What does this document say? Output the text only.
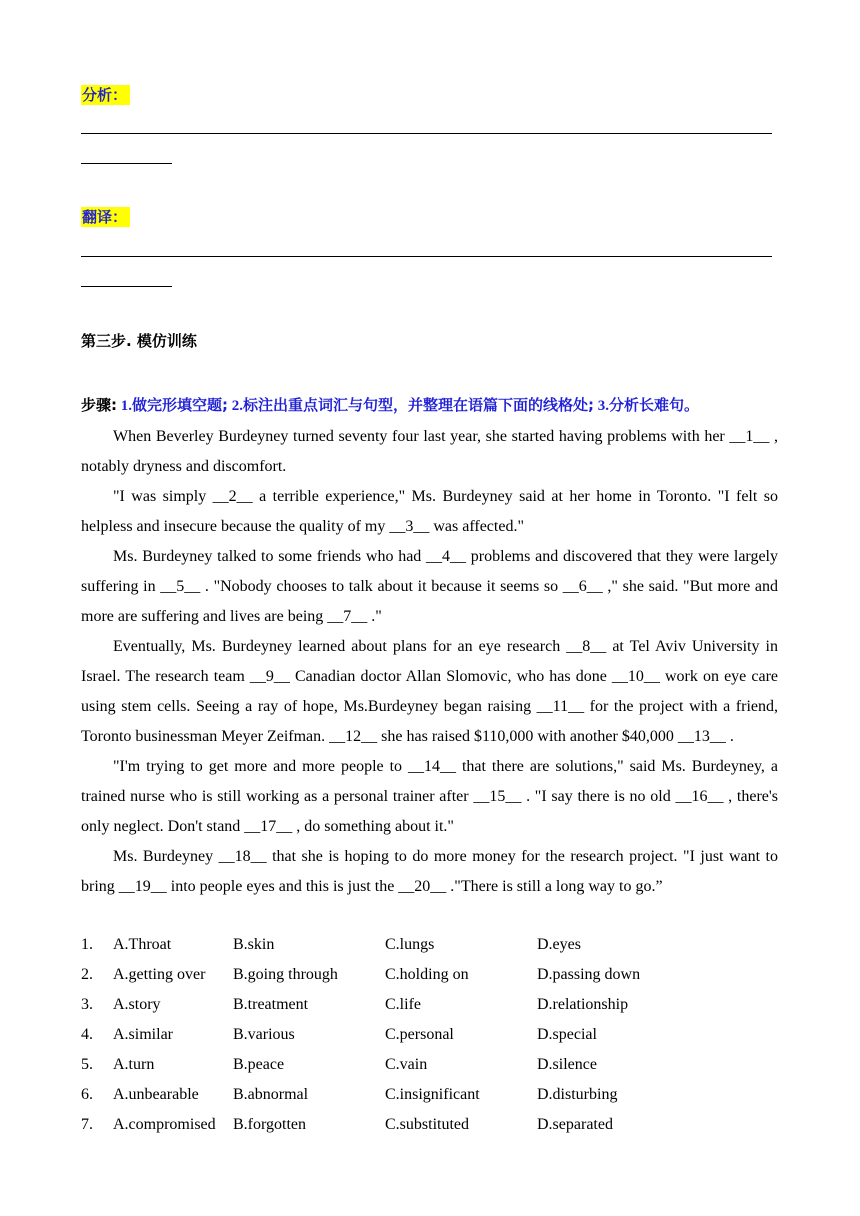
分析：
翻译：
第三步. 模仿训练
步骤: 1.做完形填空题; 2.标注出重点词汇与句型，并整理在语篇下面的线格处; 3.分析长难句。

When Beverley Burdeyney turned seventy four last year, she started having problems with her __1__ , notably dryness and discomfort.

"I was simply __2__ a terrible experience," Ms. Burdeyney said at her home in Toronto. "I felt so helpless and insecure because the quality of my __3__ was affected."

Ms. Burdeyney talked to some friends who had __4__ problems and discovered that they were largely suffering in __5__ . "Nobody chooses to talk about it because it seems so __6__ ," she said. "But more and more are suffering and lives are being __7__ ."

Eventually, Ms. Burdeyney learned about plans for an eye research __8__ at Tel Aviv University in Israel. The research team __9__ Canadian doctor Allan Slomovic, who has done __10__ work on eye care using stem cells. Seeing a ray of hope, Ms.Burdeyney began raising __11__ for the project with a friend, Toronto businessman Meyer Zeifman. __12__ she has raised $110,000 with another $40,000 __13__ .

"I'm trying to get more and more people to __14__ that there are solutions," said Ms. Burdeyney, a trained nurse who is still working as a personal trainer after __15__ . "I say there is no old __16__ , there's only neglect. Don't stand __17__ , do something about it."

Ms. Burdeyney __18__ that she is hoping to do more money for the research project. "I just want to bring __19__ into people eyes and this is just the __20__ ."There is still a long way to go.”

1. A.Throat	B.skin	C.lungs	D.eyes
2. A.getting over B.going through	C.holding on	D.passing down
3. A.story	B.treatment	C.life	D.relationship
4. A.similar	B.various	C.personal	D.special
5. A.turn	B.peace	C.vain	D.silence
6. A.unbearable B.abnormal	C.insignificant	D.disturbing
7. A.compromised B.forgotten	C.substituted	D.separated
